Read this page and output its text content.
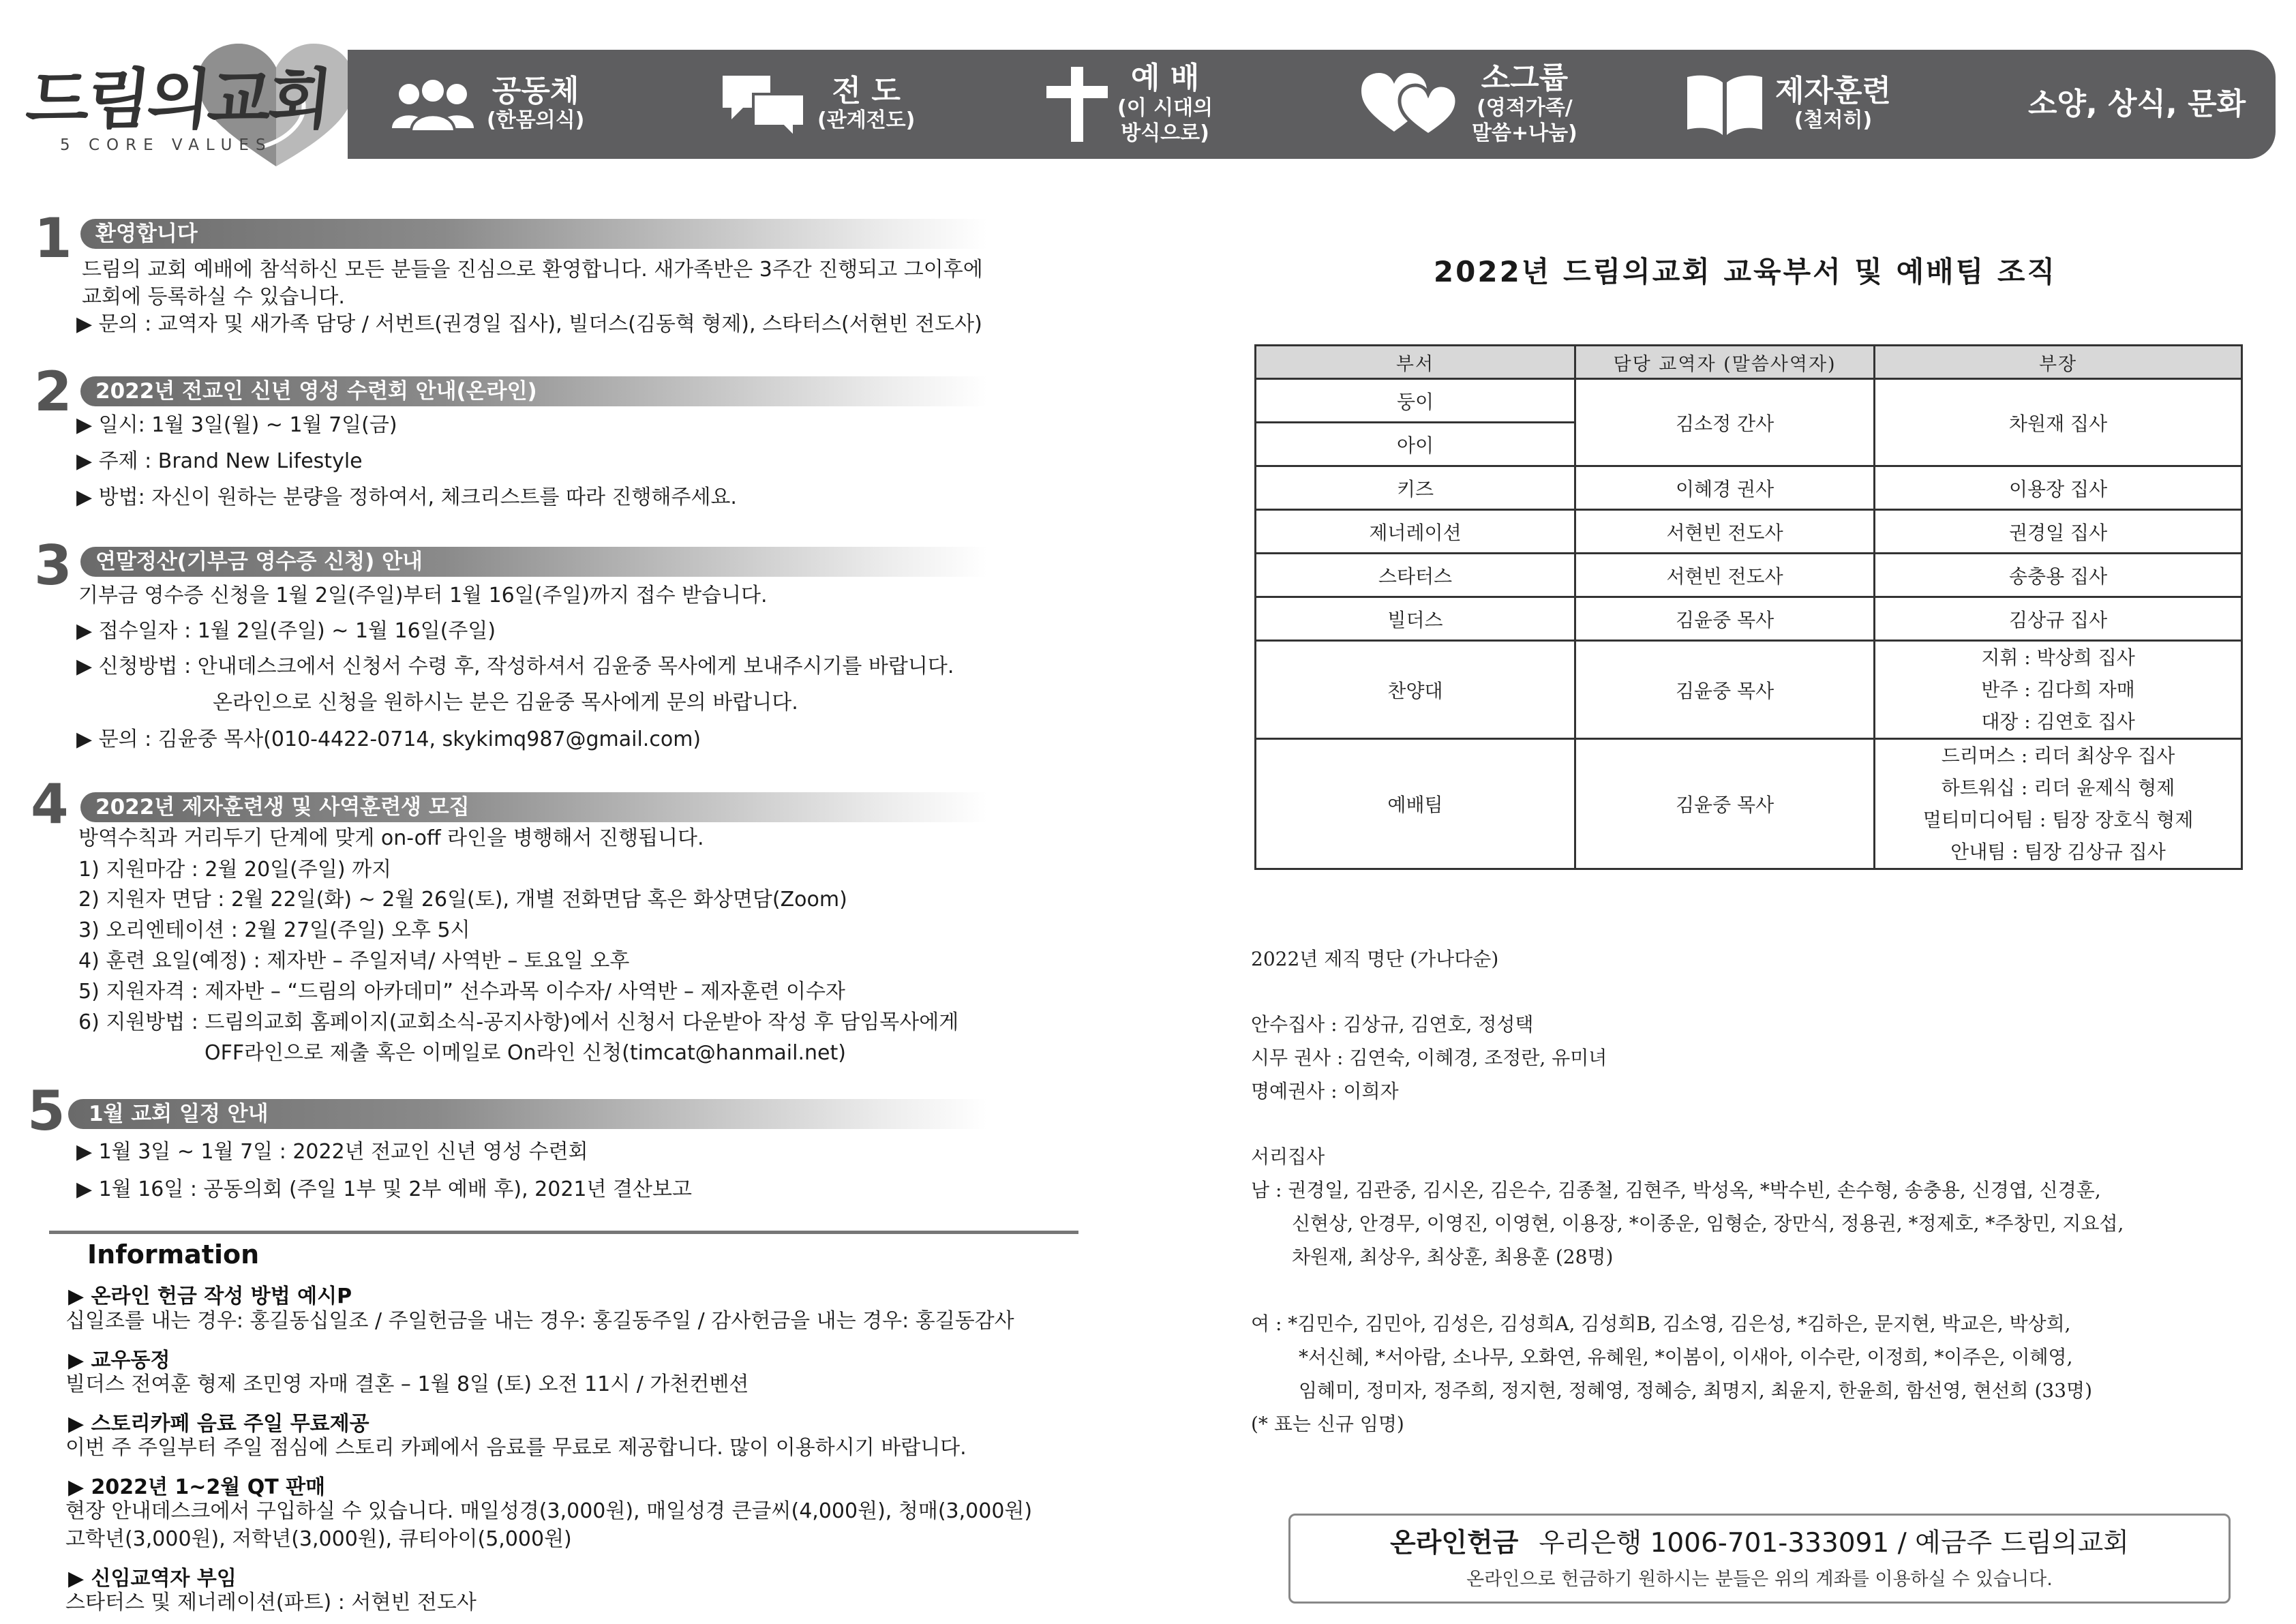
드림의교회
5 CORE VALUES
공동체
(한몸의식)
전 도
(관계전도)
예 배
(이 시대의
방식으로)
소그룹
(영적가족/
말씀+나눔)
제자훈련
(철저히)	소양, 상식, 문화
1	환영합니다
드림의 교회 예배에 참석하신 모든 분들을 진심으로 환영합니다. 새가족반은 3주간 진행되고 그이후에
교회에 등록하실 수 있습니다.
▶ 문의 : 교역자 및 새가족 담당 / 서번트(권경일 집사), 빌더스(김동혁 형제), 스타터스(서현빈 전도사)
2	2022년 전교인 신년 영성 수련회 안내(온라인)
▶ 일시: 1월 3일(월) ~ 1월 7일(금)
▶ 주제 : Brand New Lifestyle
▶ 방법: 자신이 원하는 분량을 정하여서, 체크리스트를 따라 진행해주세요.
3	연말정산(기부금 영수증 신청) 안내
기부금 영수증 신청을 1월 2일(주일)부터 1월 16일(주일)까지 접수 받습니다.
▶ 접수일자 : 1월 2일(주일) ~ 1월 16일(주일)
▶ 신청방법 : 안내데스크에서 신청서 수령 후, 작성하셔서 김윤중 목사에게 보내주시기를 바랍니다.
온라인으로 신청을 원하시는 분은 김윤중 목사에게 문의 바랍니다.
▶ 문의 : 김윤중 목사(010-4422-0714, skykimq987@gmail.com)
4	2022년 제자훈련생 및 사역훈련생 모집
방역수칙과 거리두기 단계에 맞게 on-off 라인을 병행해서 진행됩니다.
1) 지원마감 : 2월 20일(주일) 까지
2) 지원자 면담 : 2월 22일(화) ~ 2월 26일(토), 개별 전화면담 혹은 화상면담(Zoom)
3) 오리엔테이션 : 2월 27일(주일) 오후 5시
4) 훈련 요일(예정) : 제자반 – 주일저녁/ 사역반 – 토요일 오후
5) 지원자격 : 제자반 – “드림의 아카데미” 선수과목 이수자/ 사역반 – 제자훈련 이수자
6) 지원방법 : 드림의교회 홈페이지(교회소식-공지사항)에서 신청서 다운받아 작성 후 담임목사에게
OFF라인으로 제출 혹은 이메일로 On라인 신청(timcat@hanmail.net)
5	1월 교회 일정 안내
▶ 1월 3일 ~ 1월 7일 : 2022년 전교인 신년 영성 수련회
▶ 1월 16일 : 공동의회 (주일 1부 및 2부 예배 후), 2021년 결산보고
Information
▶ 온라인 헌금 작성 방법 예시P
십일조를 내는 경우: 홍길동십일조 / 주일헌금을 내는 경우: 홍길동주일 / 감사헌금을 내는 경우: 홍길동감사
▶ 교우동정
빌더스 전여훈 형제 조민영 자매 결혼 – 1월 8일 (토) 오전 11시 / 가천컨벤션
▶ 스토리카페 음료 주일 무료제공
이번 주 주일부터 주일 점심에 스토리 카페에서 음료를 무료로 제공합니다. 많이 이용하시기 바랍니다.
▶ 2022년 1~2월 QT 판매
현장 안내데스크에서 구입하실 수 있습니다. 매일성경(3,000원), 매일성경 큰글씨(4,000원), 청매(3,000원)
고학년(3,000원), 저학년(3,000원), 큐티아이(5,000원)
▶ 신임교역자 부임
스타터스 및 제너레이션(파트) : 서현빈 전도사
2022년 드림의교회 교육부서 및 예배팀 조직
부서	담당 교역자 (말씀사역자)	부장
둥이	김소정 간사	차원재 집사
아이		
키즈	이혜경 권사	이용장 집사
제너레이션	서현빈 전도사	권경일 집사
스타터스	서현빈 전도사	송충용 집사
빌더스	김윤중 목사	김상규 집사
찬양대	김윤중 목사	지휘 : 박상희 집사
반주 : 김다희 자매
대장 : 김연호 집사

예배팀	김윤중 목사	드리머스 : 리더 최상우 집사
하트워십 : 리더 윤제식 형제
멀티미디어팀 : 팀장 장호식 형제
안내팀 : 팀장 김상규 집사
2022년 제직 명단 (가나다순)
안수집사 : 김상규, 김연호, 정성택
시무 권사 : 김연숙, 이혜경, 조정란, 유미녀
명예권사 : 이희자
서리집사
남 : 권경일, 김관중, 김시온, 김은수, 김종철, 김현주, 박성옥, *박수빈, 손수형, 송충용, 신경엽, 신경훈,
신현상, 안경무, 이영진, 이영현, 이용장, *이종운, 임형순, 장만식, 정용권, *정제호, *주창민, 지요섭,
차원재, 최상우, 최상훈, 최용훈 (28명)
여 : *김민수, 김민아, 김성은, 김성희A, 김성희B, 김소영, 김은성, *김하은, 문지현, 박교은, 박상희,
*서신혜, *서아람, 소나무, 오화연, 유혜원, *이봄이, 이새아, 이수란, 이정희, *이주은, 이혜영,
임혜미, 정미자, 정주희, 정지현, 정혜영, 정혜승, 최명지, 최윤지, 한윤희, 함선영, 현선희 (33명)
(* 표는 신규 임명)
온라인헌금 우리은행 1006-701-333091 / 예금주 드림의교회
온라인으로 헌금하기 원하시는 분들은 위의 계좌를 이용하실 수 있습니다.
